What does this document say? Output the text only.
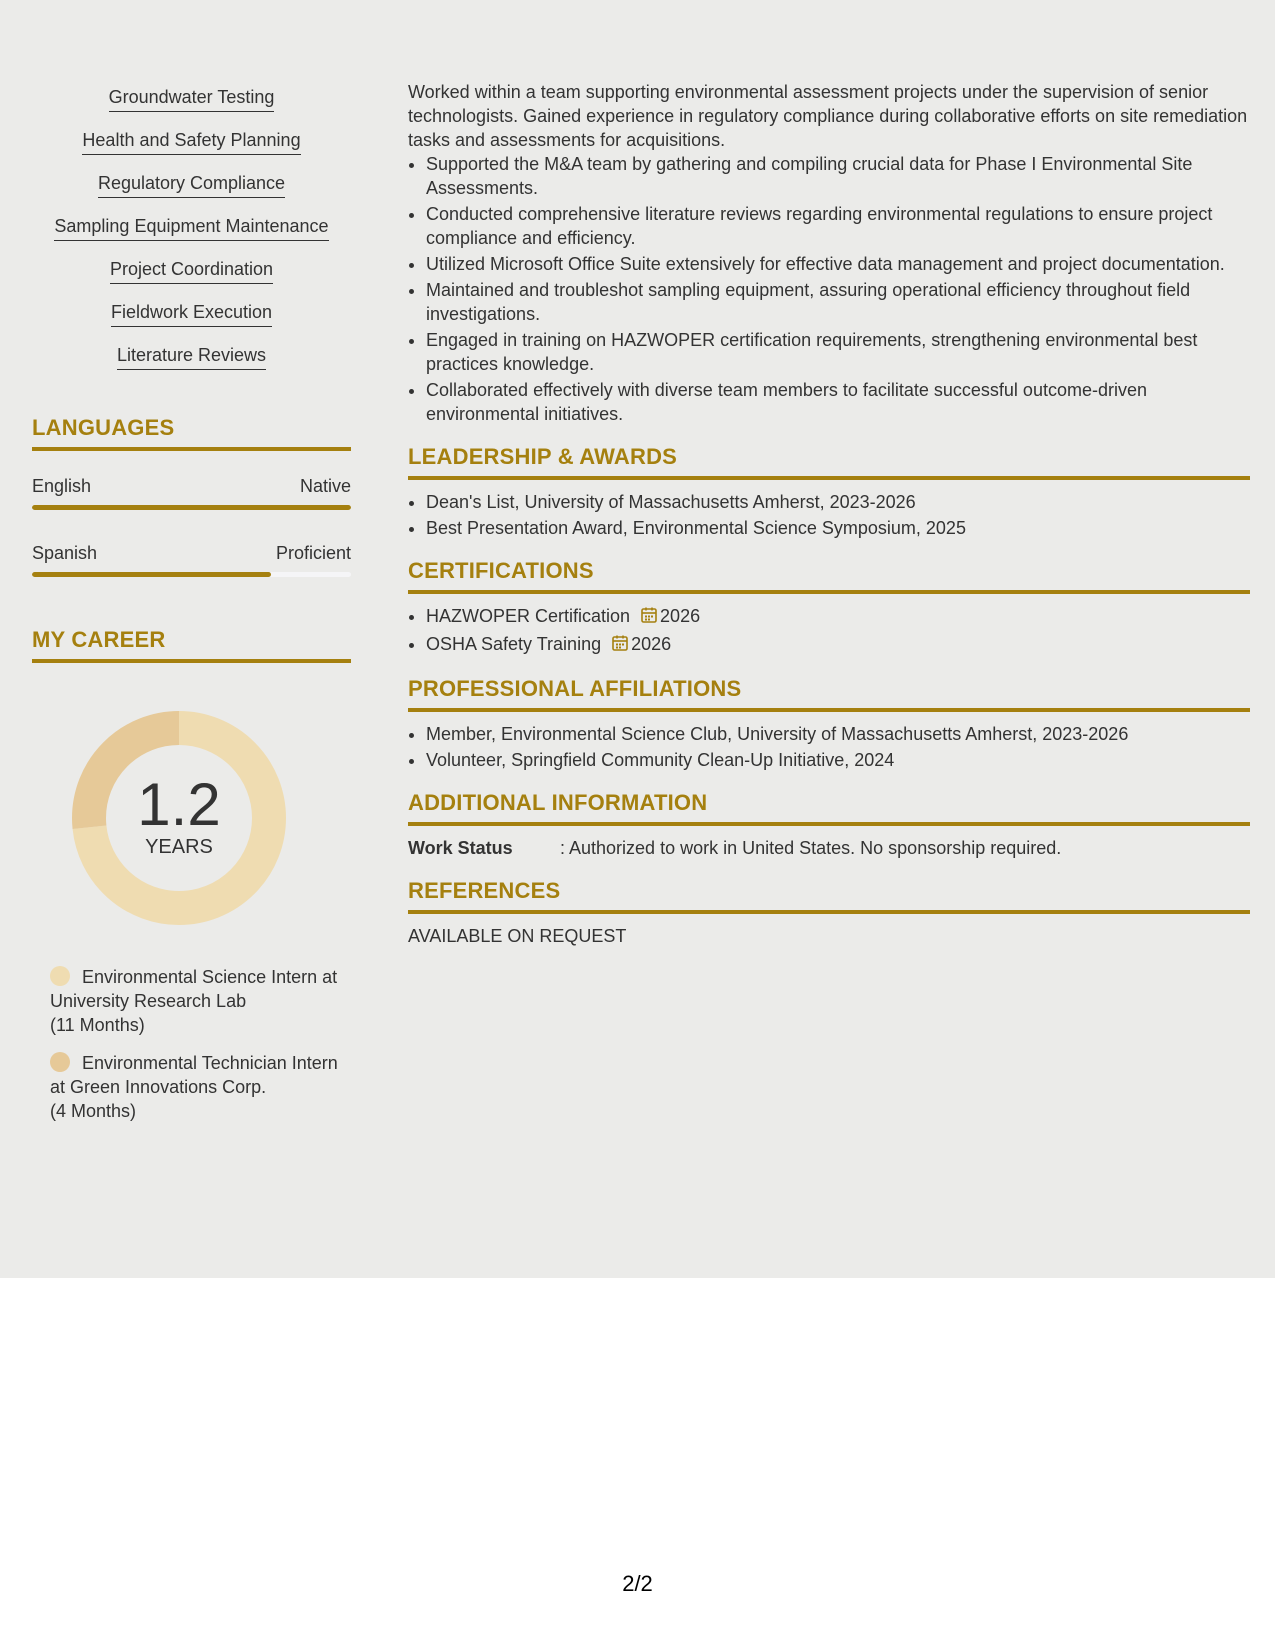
Groundwater Testing
Health and Safety Planning
Regulatory Compliance
Sampling Equipment Maintenance
Project Coordination
Fieldwork Execution
Literature Reviews
LANGUAGES
English	Native
Spanish	Proficient
MY CAREER
1.2
YEARS
Environmental Science Intern at University Research Lab
(11 Months)
Environmental Technician Intern at Green Innovations Corp.
(4 Months)
Worked within a team supporting environmental assessment projects under the supervision of senior technologists. Gained experience in regulatory compliance during collaborative efforts on site remediation tasks and assessments for acquisitions.
• Supported the M&A team by gathering and compiling crucial data for Phase I Environmental Site Assessments.
• Conducted comprehensive literature reviews regarding environmental regulations to ensure project compliance and efficiency.
• Utilized Microsoft Office Suite extensively for effective data management and project documentation.
• Maintained and troubleshot sampling equipment, assuring operational efficiency throughout field investigations.
• Engaged in training on HAZWOPER certification requirements, strengthening environmental best practices knowledge.
• Collaborated effectively with diverse team members to facilitate successful outcome-driven environmental initiatives.
LEADERSHIP & AWARDS
• Dean's List, University of Massachusetts Amherst, 2023-2026
• Best Presentation Award, Environmental Science Symposium, 2025
CERTIFICATIONS
• HAZWOPER Certification 2026
• OSHA Safety Training 2026
PROFESSIONAL AFFILIATIONS
• Member, Environmental Science Club, University of Massachusetts Amherst, 2023-2026
• Volunteer, Springfield Community Clean-Up Initiative, 2024
ADDITIONAL INFORMATION
Work Status	: Authorized to work in United States. No sponsorship required.
REFERENCES
AVAILABLE ON REQUEST
2/2
